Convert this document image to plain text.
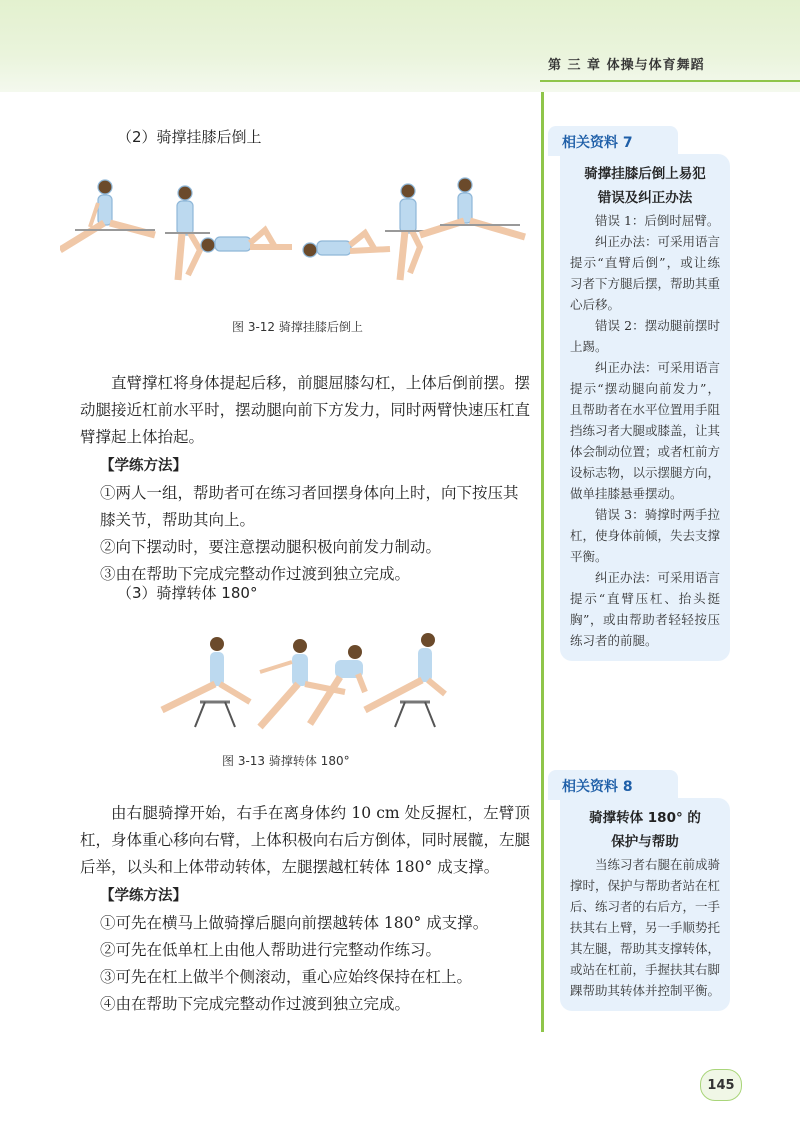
第 三 章 体操与体育舞蹈
（2）骑撑挂膝后倒上
图 3-12 骑撑挂膝后倒上

直臂撑杠将身体提起后移，前腿屈膝勾杠，上体后倒前摆。摆动腿接近杠前水平时，摆动腿向前下方发力，同时两臂快速压杠直臂撑起上体抬起。

【学练方法】
①两人一组，帮助者可在练习者回摆身体向上时，向下按压其膝关节，帮助其向上。
②向下摆动时，要注意摆动腿积极向前发力制动。
③由在帮助下完成完整动作过渡到独立完成。
（3）骑撑转体 180°
图 3-13 骑撑转体 180°

由右腿骑撑开始，右手在离身体约 10 cm 处反握杠，左臂顶杠，身体重心移向右臂，上体积极向右后方倒体，同时展髋，左腿后举，以头和上体带动转体，左腿摆越杠转体 180° 成支撑。

【学练方法】
①可先在横马上做骑撑后腿向前摆越转体 180° 成支撑。
②可先在低单杠上由他人帮助进行完整动作练习。
③可先在杠上做半个侧滚动，重心应始终保持在杠上。
④由在帮助下完成完整动作过渡到独立完成。
相关资料 7
骑撑挂膝后倒上易犯
错误及纠正办法

错误 1：后倒时屈臂。

纠正办法：可采用语言提示“直臂后倒”，或让练习者下方腿后摆，帮助其重心后移。

错误 2：摆动腿前摆时上踢。

纠正办法：可采用语言提示“摆动腿向前发力”，且帮助者在水平位置用手阻挡练习者大腿或膝盖，让其体会制动位置；或者杠前方设标志物，以示摆腿方向，做单挂膝悬垂摆动。

错误 3：骑撑时两手拉杠，使身体前倾，失去支撑平衡。

纠正办法：可采用语言提示“直臂压杠、抬头挺胸”，或由帮助者轻轻按压练习者的前腿。

相关资料 8
骑撑转体 180° 的
保护与帮助

当练习者右腿在前成骑撑时，保护与帮助者站在杠后、练习者的右后方，一手扶其右上臂，另一手顺势托其左腿，帮助其支撑转体，或站在杠前，手握扶其右脚踝帮助其转体并控制平衡。

145
